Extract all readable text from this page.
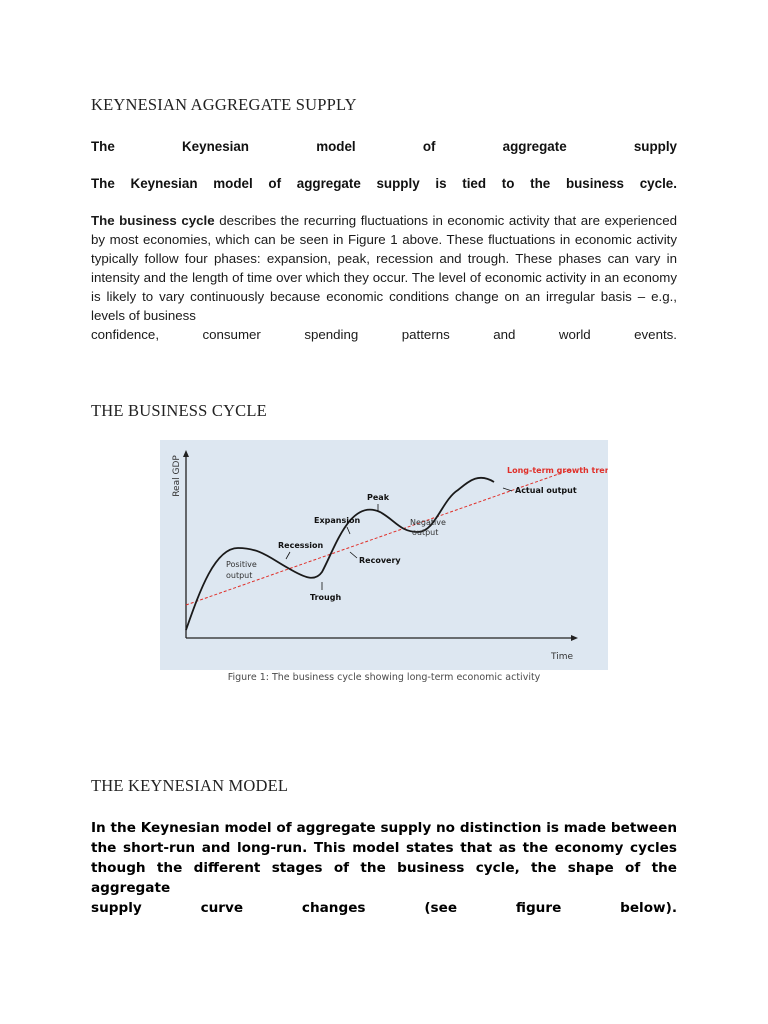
KEYNESIAN AGGREGATE SUPPLY
The	Keynesian	model	of	aggregate	supply
The Keynesian model of aggregate supply is tied to the business cycle.
The business cycle describes the recurring fluctuations in economic activity that are experienced by most economies, which can be seen in Figure 1 above. These fluctuations in economic activity typically follow four phases: expansion, peak, recession and trough. These phases can vary in intensity and the length of time over which they occur. The level of economic activity in an economy is likely to vary continuously because economic conditions change on an irregular basis – e.g., levels of business
confidence,	consumer	spending	patterns	and	world	events.
THE BUSINESS CYCLE
THE KEYNESIAN MODEL
In the Keynesian model of aggregate supply no distinction is made between the short-run and long-run. This model states that as the economy cycles though the different stages of the business cycle, the shape of the aggregate
supply	curve	changes	(see	figure	below).
Real GDP
Time
Long-term growth trend
Actual output
Peak
Expansion
Recession
Negative
output
Positive
output
Recovery
Trough
Figure 1: The business cycle showing long-term economic activity
